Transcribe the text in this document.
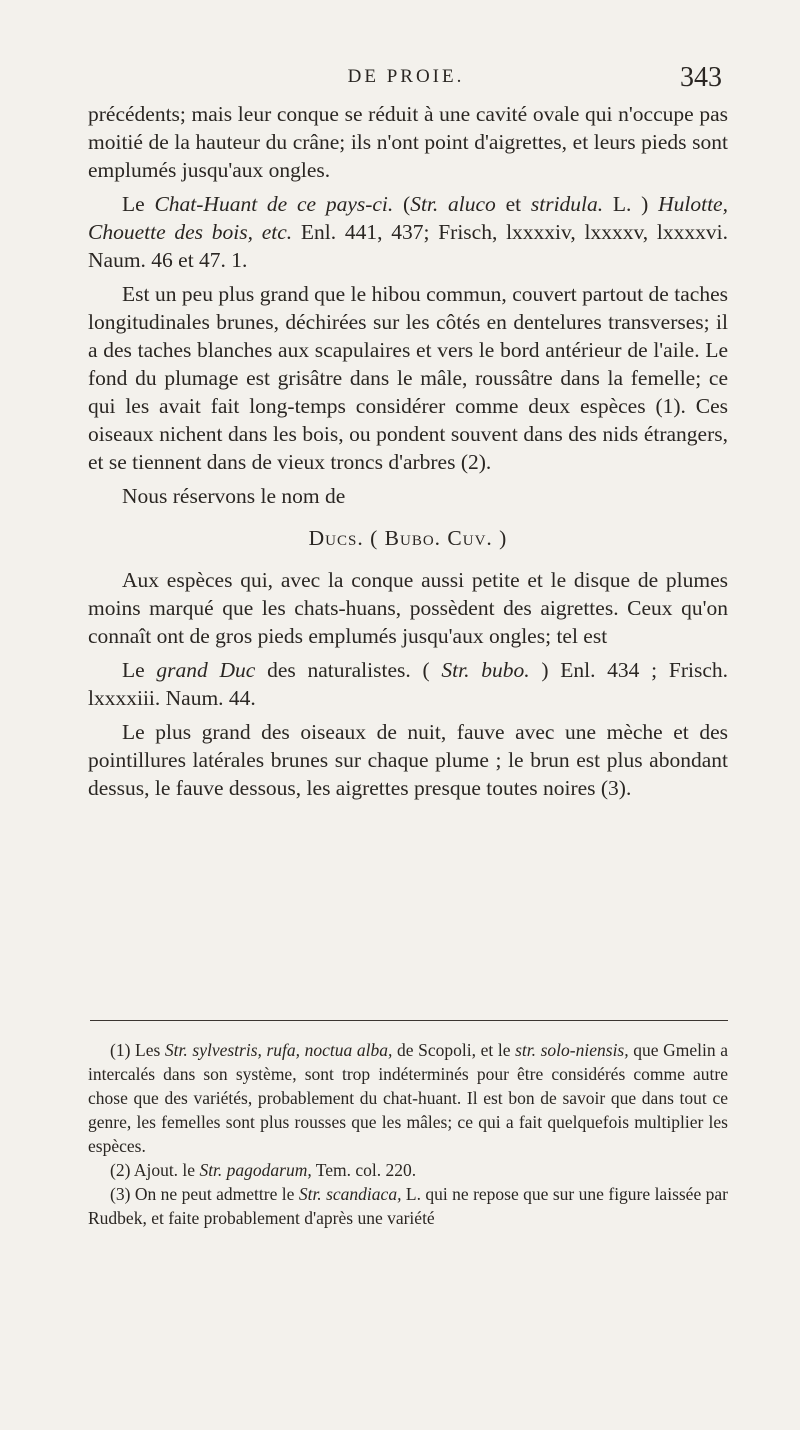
DE PROIE.	343

précédents; mais leur conque se réduit à une cavité ovale qui n'occupe pas moitié de la hauteur du crâne; ils n'ont point d'aigrettes, et leurs pieds sont emplumés jusqu'aux ongles.

Le Chat-Huant de ce pays-ci. (Str. aluco et stridula. L. ) Hulotte, Chouette des bois, etc. Enl. 441, 437; Frisch, lxxxxiv, lxxxxv, lxxxxvi. Naum. 46 et 47. 1.

Est un peu plus grand que le hibou commun, couvert partout de taches longitudinales brunes, déchirées sur les côtés en dentelures transverses; il a des taches blanches aux scapulaires et vers le bord antérieur de l'aile. Le fond du plumage est grisâtre dans le mâle, roussâtre dans la femelle; ce qui les avait fait long-temps considérer comme deux espèces (1). Ces oiseaux nichent dans les bois, ou pondent souvent dans des nids étrangers, et se tiennent dans de vieux troncs d'arbres (2).

Nous réservons le nom de

Ducs. ( Bubo. Cuv. )

Aux espèces qui, avec la conque aussi petite et le disque de plumes moins marqué que les chats-huans, possèdent des aigrettes. Ceux qu'on connaît ont de gros pieds emplumés jusqu'aux ongles; tel est

Le grand Duc des naturalistes. ( Str. bubo. ) Enl. 434 ; Frisch. lxxxxiii. Naum. 44.

Le plus grand des oiseaux de nuit, fauve avec une mèche et des pointillures latérales brunes sur chaque plume ; le brun est plus abondant dessus, le fauve dessous, les aigrettes presque toutes noires (3).

(1) Les Str. sylvestris, rufa, noctua alba, de Scopoli, et le str. solo-niensis, que Gmelin a intercalés dans son système, sont trop indéterminés pour être considérés comme autre chose que des variétés, probablement du chat-huant. Il est bon de savoir que dans tout ce genre, les femelles sont plus rousses que les mâles; ce qui a fait quelquefois multiplier les espèces.

(2) Ajout. le Str. pagodarum, Tem. col. 220.

(3) On ne peut admettre le Str. scandiaca, L. qui ne repose que sur une figure laissée par Rudbek, et faite probablement d'après une variété
